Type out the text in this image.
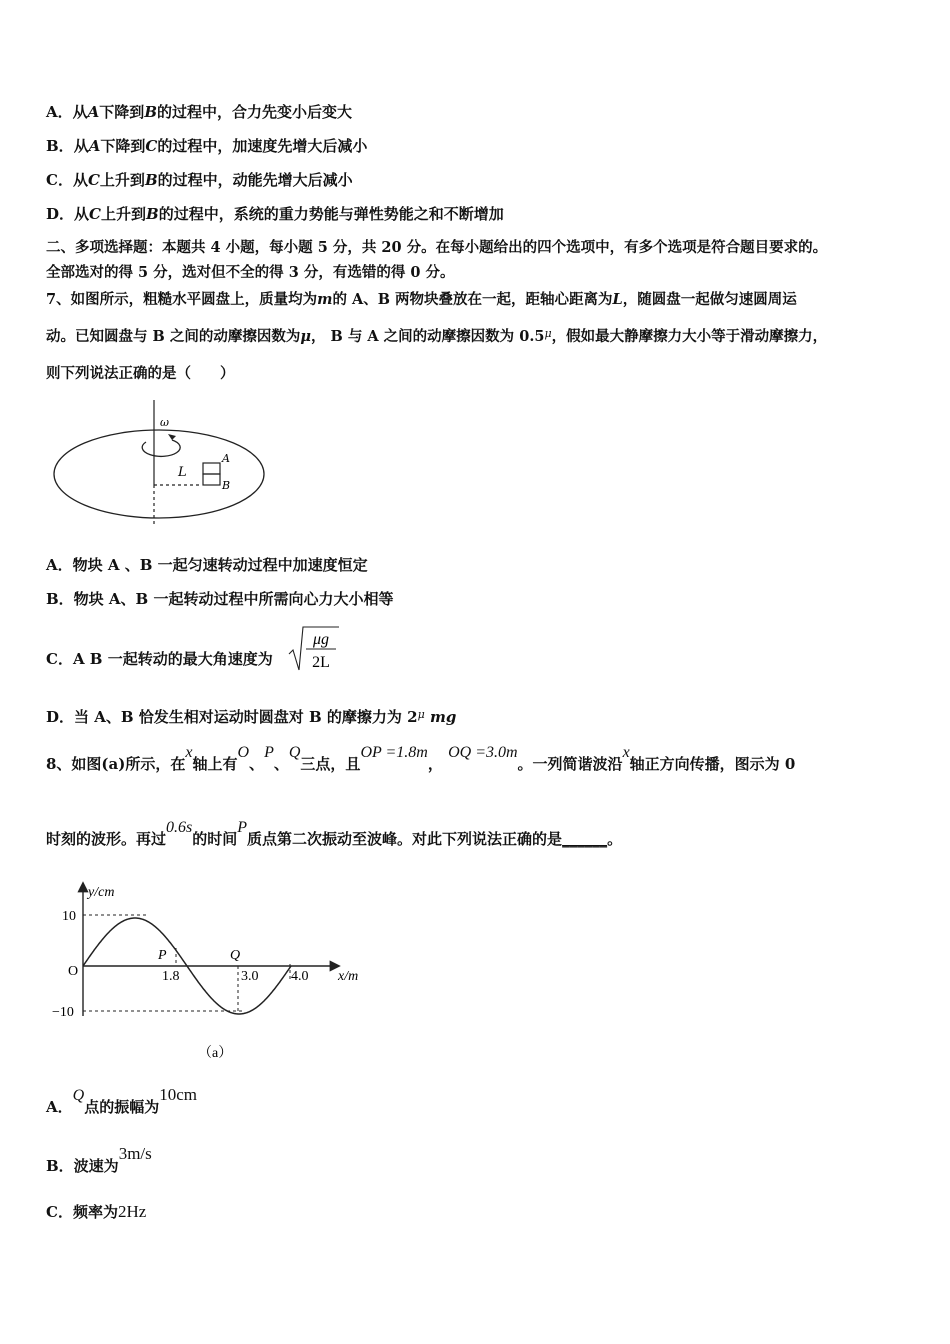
A．从A下降到B的过程中，合力先变小后变大
B．从A下降到C的过程中，加速度先增大后减小
C．从C上升到B的过程中，动能先增大后减小
D．从C上升到B的过程中，系统的重力势能与弹性势能之和不断增加
二、多项选择题：本题共 4 小题，每小题 5 分，共 20 分。在每小题给出的四个选项中，有多个选项是符合题目要求的。
全部选对的得 5 分，选对但不全的得 3 分，有选错的得 0 分。
7、如图所示，粗糙水平圆盘上，质量均为m的 A、B 两物块叠放在一起，距轴心距离为L，随圆盘一起做匀速圆周运
动。已知圆盘与 B 之间的动摩擦因数为μ， B 与 A 之间的动摩擦因数为 $0.5^\mu$，假如最大静摩擦力大小等于滑动摩擦力，
则下列说法正确的是（　　）
ω
L
A
B
A．物块 A 、B 一起匀速转动过程中加速度恒定
B．物块 A、B 一起转动过程中所需向心力大小相等
C．A B 一起转动的最大角速度为
μg
2L
D．当 A、B 恰发生相对运动时圆盘对 B 的摩擦力为 $2^\mu$ mg
8、如图(a)所示，在x轴上有O、P、Q三点，且OP =1.8m， OQ =3.0m。一列简谐波沿x轴正方向传播，图示为 0
时刻的波形。再过0.6s的时间P质点第二次振动至波峰。对此下列说法正确的是______。
y/cm
x/m
O
10
−10
1.8	3.0 4.0
P	Q
（a）
A．Q点的振幅为10cm
B．波速为3m/s
C．频率为2Hz
